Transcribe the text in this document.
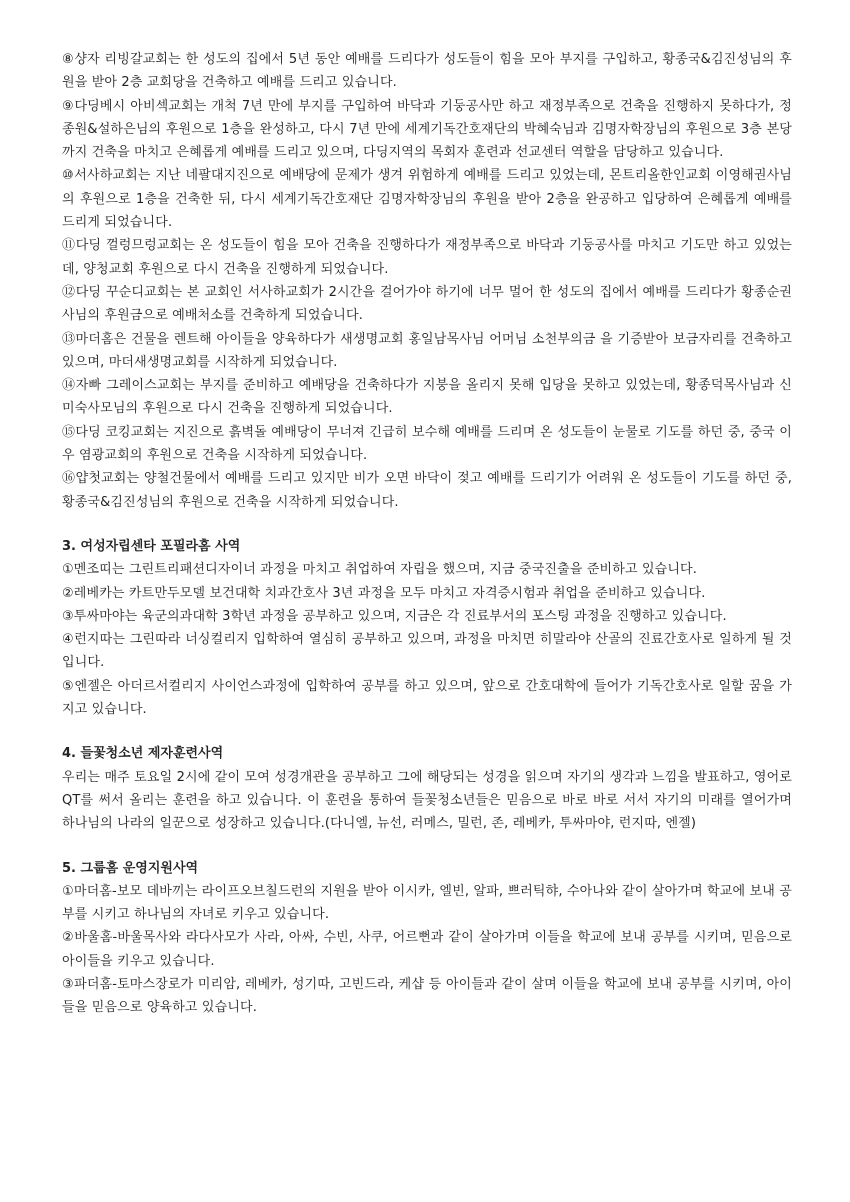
⑧샹자 리빙갈교회는 한 성도의 집에서 5년 동안 예배를 드리다가 성도들이 힘을 모아 부지를 구입하고, 황종국&김진성님의 후원을 받아 2층 교회당을 건축하고 예배를 드리고 있습니다.

⑨다딩베시 아비섹교회는 개척 7년 만에 부지를 구입하여 바닥과 기둥공사만 하고 재정부족으로 건축을 진행하지 못하다가, 정종원&설하은님의 후원으로 1층을 완성하고, 다시 7년 만에 세계기독간호재단의 박혜숙님과 김명자학장님의 후원으로 3층 본당까지 건축을 마치고 은혜롭게 예배를 드리고 있으며, 다딩지역의 목회자 훈련과 선교센터 역할을 담당하고 있습니다.

⑩서사하교회는 지난 네팔대지진으로 예배당에 문제가 생겨 위험하게 예배를 드리고 있었는데, 몬트리올한인교회 이영해권사님의 후원으로 1층을 건축한 뒤, 다시 세계기독간호재단 김명자학장님의 후원을 받아 2층을 완공하고 입당하여 은혜롭게 예배를 드리게 되었습니다.

⑪다딩 껄렁므렁교회는 온 성도들이 힘을 모아 건축을 진행하다가 재정부족으로 바닥과 기둥공사를 마치고 기도만 하고 있었는데, 양청교회 후원으로 다시 건축을 진행하게 되었습니다.

⑫다딩 꾸순디교회는 본 교회인 서사하교회가 2시간을 걸어가야 하기에 너무 멀어 한 성도의 집에서 예배를 드리다가 황종순권사님의 후원금으로 예배처소를 건축하게 되었습니다.

⑬마더홈은 건물을 렌트해 아이들을 양육하다가 새생명교회 홍일남목사님 어머님 소천부의금 을 기증받아 보금자리를 건축하고 있으며, 마더새생명교회를 시작하게 되었습니다.

⑭자빠 그레이스교회는 부지를 준비하고 예배당을 건축하다가 지붕을 올리지 못해 입당을 못하고 있었는데, 황종덕목사님과 신미숙사모님의 후원으로 다시 건축을 진행하게 되었습니다.

⑮다딩 코킹교회는 지진으로 흙벽돌 예배당이 무너져 긴급히 보수해 예배를 드리며 온 성도들이 눈물로 기도를 하던 중, 중국 이우 염광교회의 후원으로 건축을 시작하게 되었습니다.

⑯얍첫교회는 양철건물에서 예배를 드리고 있지만 비가 오면 바닥이 젖고 예배를 드리기가 어려워 온 성도들이 기도를 하던 중, 황종국&김진성님의 후원으로 건축을 시작하게 되었습니다.

3. 여성자립센타 포필라홈 사역

①멘조띠는 그린트리패션디자이너 과정을 마치고 취업하여 자립을 했으며, 지금 중국진출을 준비하고 있습니다.

②레베카는 카트만두모델 보건대학 치과간호사 3년 과정을 모두 마치고 자격증시험과 취업을 준비하고 있습니다.

③투싸마야는 육군의과대학 3학년 과정을 공부하고 있으며, 지금은 각 진료부서의 포스팅 과정을 진행하고 있습니다.

④런지따는 그린따라 너싱컬리지 입학하여 열심히 공부하고 있으며, 과정을 마치면 히말라야 산골의 진료간호사로 일하게 될 것입니다.

⑤엔젤은 아더르서컬리지 사이언스과정에 입학하여 공부를 하고 있으며, 앞으로 간호대학에 들어가 기독간호사로 일할 꿈을 가지고 있습니다.

4. 들꽃청소년 제자훈련사역

우리는 매주 토요일 2시에 같이 모여 성경개관을 공부하고 그에 해당되는 성경을 읽으며 자기의 생각과 느낌을 발표하고, 영어로 QT를 써서 올리는 훈련을 하고 있습니다. 이 훈련을 통하여 들꽃청소년들은 믿음으로 바로 바로 서서 자기의 미래를 열어가며 하나님의 나라의 일꾼으로 성장하고 있습니다.(다니엘, 뉴선, 러메스, 밀런, 존, 레베카, 투싸마야, 런지따, 엔젤)

5. 그룹홈 운영지원사역

①마더홈-보모 데바끼는 라이프오브칠드런의 지원을 받아 이시카, 엘빈, 알파, 쁘러틱햐, 수아나와 같이 살아가며 학교에 보내 공부를 시키고 하나님의 자녀로 키우고 있습니다.

②바울홈-바울목사와 라다사모가 사라, 아싸, 수빈, 사쿠, 어르뻔과 같이 살아가며 이들을 학교에 보내 공부를 시키며, 믿음으로 아이들을 키우고 있습니다.

③파더홈-토마스장로가 미리암, 레베카, 성기따, 고빈드라, 케샵 등 아이들과 같이 살며 이들을 학교에 보내 공부를 시키며, 아이들을 믿음으로 양육하고 있습니다.
